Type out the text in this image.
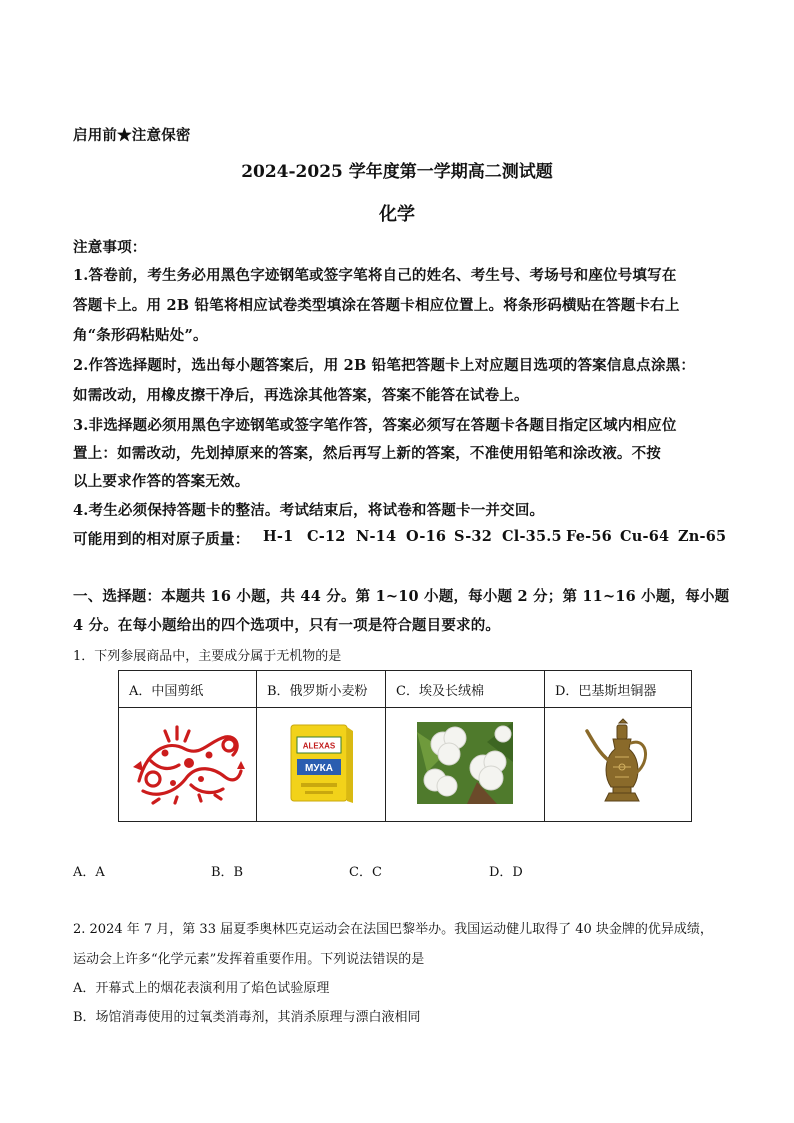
启用前★注意保密
2024-2025 学年度第一学期高二测试题
化学
注意事项：
1.答卷前，考生务必用黑色字迹钢笔或签字笔将自己的姓名、考生号、考场号和座位号填写在
答题卡上。用 2B 铅笔将相应试卷类型填涂在答题卡相应位置上。将条形码横贴在答题卡右上
角“条形码粘贴处”。
2.作答选择题时，选出每小题答案后，用 2B 铅笔把答题卡上对应题目选项的答案信息点涂黑：
如需改动，用橡皮擦干净后，再选涂其他答案，答案不能答在试卷上。
3.非选择题必须用黑色字迹钢笔或签字笔作答，答案必须写在答题卡各题目指定区域内相应位
置上：如需改动，先划掉原来的答案，然后再写上新的答案，不准使用铅笔和涂改液。不按
以上要求作答的答案无效。
4.考生必须保持答题卡的整洁。考试结束后，将试卷和答题卡一并交回。
可能用到的相对原子质量： H-1 C-12 N-14 O-16 S-32 Cl-35.5 Fe-56 Cu-64 Zn-65
一、选择题：本题共 16 小题，共 44 分。第 1~10 小题，每小题 2 分；第 11~16 小题，每小题
4 分。在每小题给出的四个选项中，只有一项是符合题目要求的。
1．下列参展商品中，主要成分属于无机物的是
A．中国剪纸	B．俄罗斯小麦粉	C．埃及长绒棉	D．巴基斯坦铜器

ALEXAS
МУКА

A．A	B．B	C．C	D．D
2. 2024 年 7 月，第 33 届夏季奥林匹克运动会在法国巴黎举办。我国运动健儿取得了 40 块金牌的优异成绩，
运动会上许多“化学元素”发挥着重要作用。下列说法错误的是
A．开幕式上的烟花表演利用了焰色试验原理
B．场馆消毒使用的过氧类消毒剂，其消杀原理与漂白液相同
